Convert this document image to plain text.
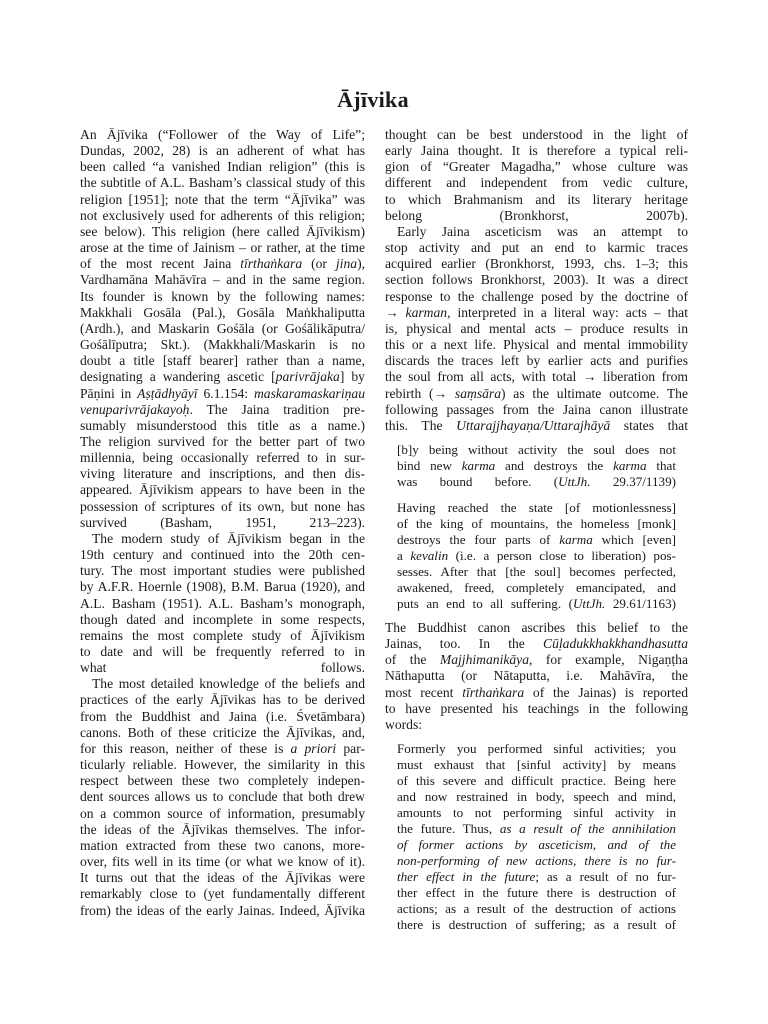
Ājīvika
An Ājīvika (“Follower of the Way of Life”;
Dundas, 2002, 28) is an adherent of what has
been called “a vanished Indian religion” (this is
the subtitle of A.L. Basham’s classical study of this
religion [1951]; note that the term “Ājīvika” was
not exclusively used for adherents of this religion;
see below). This religion (here called Ājīvikism)
arose at the time of Jainism – or rather, at the time
of the most recent Jaina tīrthaṅkara (or jina),
Vardhamāna Mahāvīra – and in the same region.
Its founder is known by the following names:
Makkhali Gosāla (Pal.), Gosāla Maṅkhaliputta
(Ardh.), and Maskarin Gośāla (or Gośālikāputra/
Gośālīputra; Skt.). (Makkhali/Maskarin is no
doubt a title [staff bearer] rather than a name,
designating a wandering ascetic [parivrājaka] by
Pāṇini in Aṣṭādhyāyī 6.1.154: maskaramaskariṇau
venuparivrājakayoḥ. The Jaina tradition pre-
sumably misunderstood this title as a name.)
The religion survived for the better part of two
millennia, being occasionally referred to in sur-
viving literature and inscriptions, and then dis-
appeared. Ājīvikism appears to have been in the
possession of scriptures of its own, but none has
survived (Basham, 1951, 213–223).
The modern study of Ājīvikism began in the
19th century and continued into the 20th cen-
tury. The most important studies were published
by A.F.R. Hoernle (1908), B.M. Barua (1920), and
A.L. Basham (1951). A.L. Basham’s monograph,
though dated and incomplete in some respects,
remains the most complete study of Ājīvikism
to date and will be frequently referred to in
what follows.
The most detailed knowledge of the beliefs and
practices of the early Ājīvikas has to be derived
from the Buddhist and Jaina (i.e. Śvetāmbara)
canons. Both of these criticize the Ājīvikas, and,
for this reason, neither of these is a priori par-
ticularly reliable. However, the similarity in this
respect between these two completely indepen-
dent sources allows us to conclude that both drew
on a common source of information, presumably
the ideas of the Ājīvikas themselves. The infor-
mation extracted from these two canons, more-
over, fits well in its time (or what we know of it).
It turns out that the ideas of the Ājīvikas were
remarkably close to (yet fundamentally different
from) the ideas of the early Jainas. Indeed, Ājīvika
thought can be best understood in the light of
early Jaina thought. It is therefore a typical reli-
gion of “Greater Magadha,” whose culture was
different and independent from vedic culture,
to which Brahmanism and its literary heritage
belong (Bronkhorst, 2007b).
Early Jaina asceticism was an attempt to
stop activity and put an end to karmic traces
acquired earlier (Bronkhorst, 1993, chs. 1–3; this
section follows Bronkhorst, 2003). It was a direct
response to the challenge posed by the doctrine of
→ karman, interpreted in a literal way: acts – that
is, physical and mental acts – produce results in
this or a next life. Physical and mental immobility
discards the traces left by earlier acts and purifies
the soul from all acts, with total → liberation from
rebirth (→ saṃsāra) as the ultimate outcome. The
following passages from the Jaina canon illustrate
this. The Uttarajjhayaṇa/Uttarajhāyā states that
[b]y being without activity the soul does not
bind new karma and destroys the karma that
was bound before. (UttJh. 29.37/1139)
Having reached the state [of motionlessness]
of the king of mountains, the homeless [monk]
destroys the four parts of karma which [even]
a kevalin (i.e. a person close to liberation) pos-
sesses. After that [the soul] becomes perfected,
awakened, freed, completely emancipated, and
puts an end to all suffering. (UttJh. 29.61/1163)
The Buddhist canon ascribes this belief to the
Jainas, too. In the Cūḷadukkhakkhandhasutta
of the Majjhimanikāya, for example, Nigaṇṭha
Nāthaputta (or Nātaputta, i.e. Mahāvīra, the
most recent tīrthaṅkara of the Jainas) is reported
to have presented his teachings in the following
words:
Formerly you performed sinful activities; you
must exhaust that [sinful activity] by means
of this severe and difficult practice. Being here
and now restrained in body, speech and mind,
amounts to not performing sinful activity in
the future. Thus, as a result of the annihilation
of former actions by asceticism, and of the
non-performing of new actions, there is no fur-
ther effect in the future; as a result of no fur-
ther effect in the future there is destruction of
actions; as a result of the destruction of actions
there is destruction of suffering; as a result of
